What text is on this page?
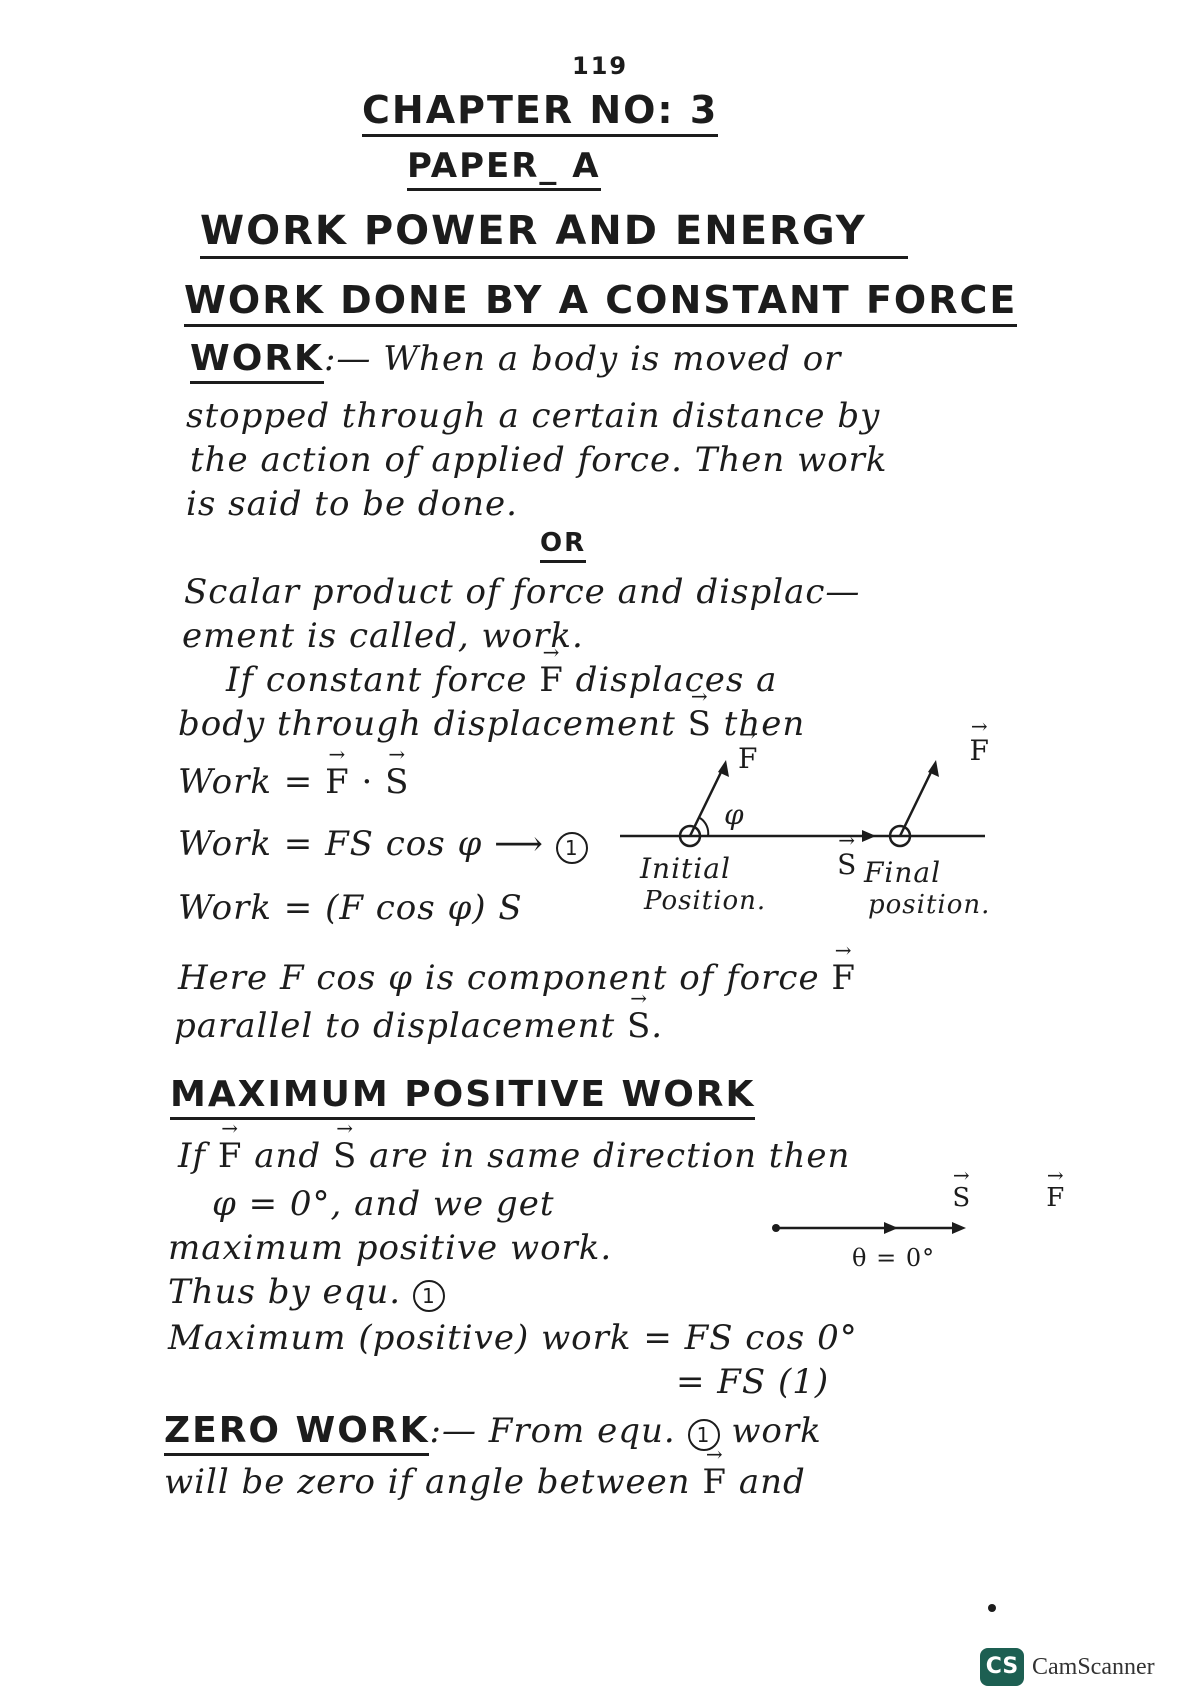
119
CHAPTER NO: 3
PAPER_ A
WORK POWER AND ENERGY
WORK DONE BY A CONSTANT FORCE
WORK:— When a body is moved or
stopped through a certain distance by
the action of applied force. Then work
is said to be done.
OR
Scalar product of force and displac—
ement is called, work.
If constant force → F displaces a
body through displacement → S then
Work = → F · → S
Work = FS cos φ ⟶ 1
Work = (F cos φ) S
→ F	→ F
φ
→ S
Initial
Position.
Final
position.
Here F cos φ is component of force → F
parallel to displacement → S.
MAXIMUM POSITIVE WORK
If → F and → S are in same direction then
φ = 0°, and we get
maximum positive work.
Thus by equ. 1
Maximum (positive) work = FS cos 0°
= FS (1)
→ S	→ F
θ = 0°
ZERO WORK:— From equ. 1 work
will be zero if angle between → F and
CS CamScanner
